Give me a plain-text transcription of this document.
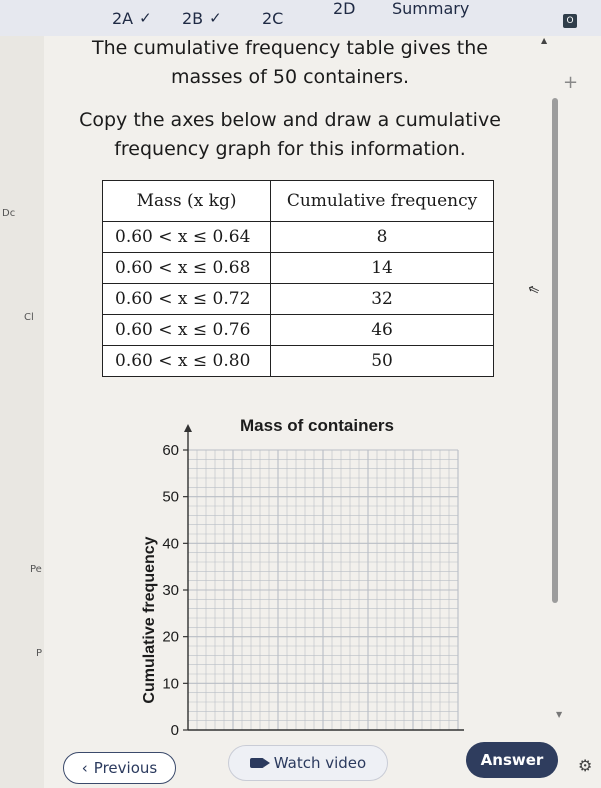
2A ✓ 2B ✓	2C
2D Summary
Dc
Cl
Pe
P
O
▲
+
▼
⇖
The cumulative frequency table gives the masses of 50 containers.
Copy the axes below and draw a cumulative frequency graph for this information.
Mass (x kg)	Cumulative frequency
0.60 < x ≤ 0.64	8
0.60 < x ≤ 0.68	14
0.60 < x ≤ 0.72	32
0.60 < x ≤ 0.76	46
0.60 < x ≤ 0.80	50
Mass of containers
0
10
20
30
40
50
60
Cumulative frequency
‹ Previous	Watch video	Answer ⚙
